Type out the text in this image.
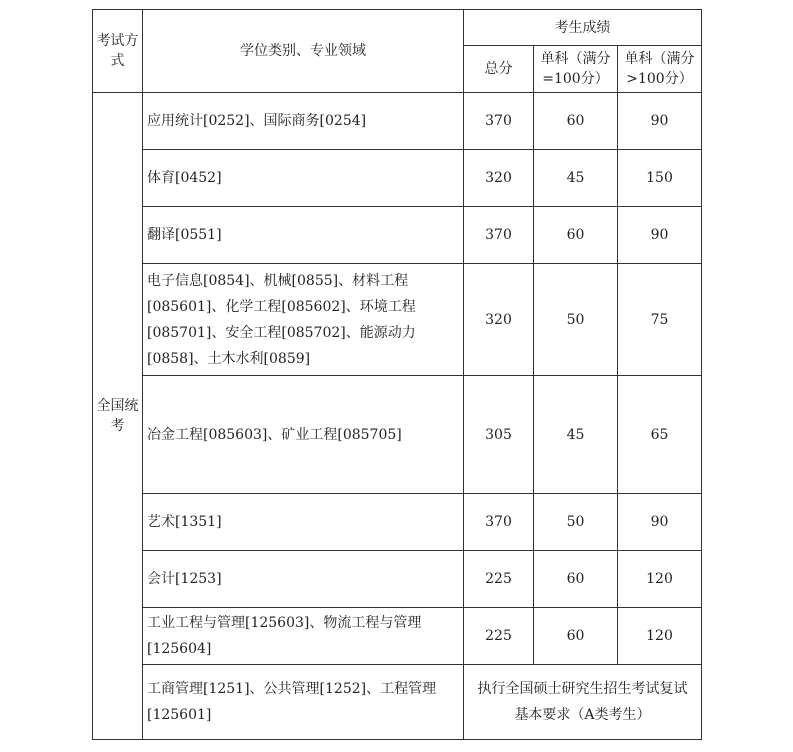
考试方式	学位类别、专业领域	考生成绩		
		总分	单科（满分=100分）	单科（满分>100分）
全国统考	应用统计[0252]、国际商务[0254]	370	60	90
	体育[0452]	320	45	150
	翻译[0551]	370	60	90
	电子信息[0854]、机械[0855]、材料工程[085601]、化学工程[085602]、环境工程[085701]、安全工程[085702]、能源动力[0858]、土木水利[0859]	320	50	75
	冶金工程[085603]、矿业工程[085705]	305	45	65
	艺术[1351]	370	50	90
	会计[1253]	225	60	120
	工业工程与管理[125603]、物流工程与管理[125604]	225	60	120
	工商管理[1251]、公共管理[1252]、工程管理[125601]	执行全国硕士研究生招生考试复试基本要求（A类考生）		
